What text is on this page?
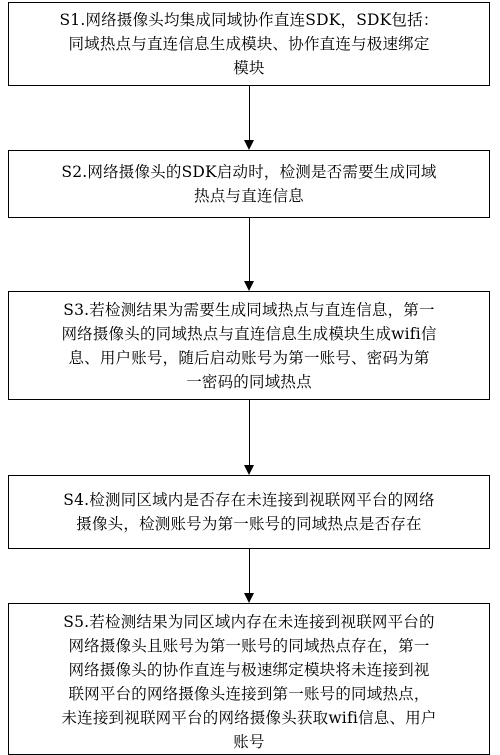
S1.网络摄像头均集成同域协作直连SDK，SDK包括：
同域热点与直连信息生成模块、协作直连与极速绑定
模块
S2.网络摄像头的SDK启动时，检测是否需要生成同域
热点与直连信息
S3.若检测结果为需要生成同域热点与直连信息，第一
网络摄像头的同域热点与直连信息生成模块生成wifi信
息、用户账号，随后启动账号为第一账号、密码为第
一密码的同域热点
S4.检测同区域内是否存在未连接到视联网平台的网络
摄像头，检测账号为第一账号的同域热点是否存在
S5.若检测结果为同区域内存在未连接到视联网平台的
网络摄像头且账号为第一账号的同域热点存在，第一
网络摄像头的协作直连与极速绑定模块将未连接到视
联网平台的网络摄像头连接到第一账号的同域热点，
未连接到视联网平台的网络摄像头获取wifi信息、用户
账号
